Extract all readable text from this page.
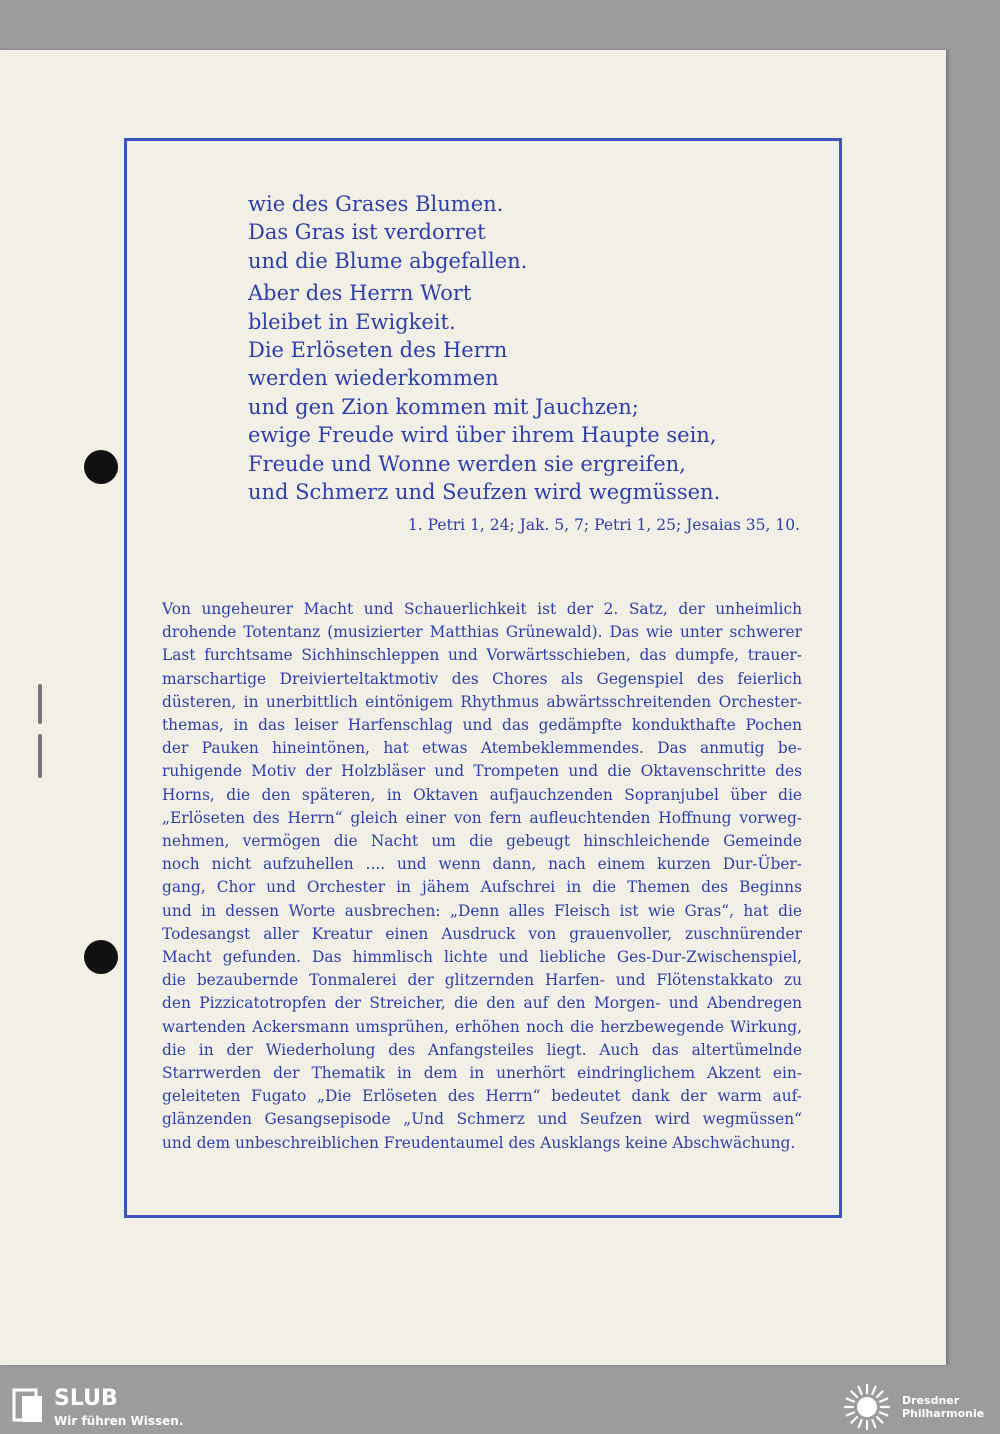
wie des Grases Blumen.
Das Gras ist verdorret
und die Blume abgefallen.
Aber des Herrn Wort
bleibet in Ewigkeit.
Die Erlöseten des Herrn
werden wiederkommen
und gen Zion kommen mit Jauchzen;
ewige Freude wird über ihrem Haupte sein,
Freude und Wonne werden sie ergreifen,
und Schmerz und Seufzen wird wegmüssen.
1. Petri 1, 24; Jak. 5, 7; Petri 1, 25; Jesaias 35, 10.
Von ungeheurer Macht und Schauerlichkeit ist der 2. Satz, der unheimlich
drohende Totentanz (musizierter Matthias Grünewald). Das wie unter schwerer
Last furchtsame Sichhinschleppen und Vorwärtsschieben, das dumpfe, trauer-
marschartige Dreivierteltaktmotiv des Chores als Gegenspiel des feierlich
düsteren, in unerbittlich eintönigem Rhythmus abwärtsschreitenden Orchester-
themas, in das leiser Harfenschlag und das gedämpfte kondukthafte Pochen
der Pauken hineintönen, hat etwas Atembeklemmendes. Das anmutig be-
ruhigende Motiv der Holzbläser und Trompeten und die Oktavenschritte des
Horns, die den späteren, in Oktaven aufjauchzenden Sopranjubel über die
„Erlöseten des Herrn“ gleich einer von fern aufleuchtenden Hoffnung vorweg-
nehmen, vermögen die Nacht um die gebeugt hinschleichende Gemeinde
noch nicht aufzuhellen .... und wenn dann, nach einem kurzen Dur-Über-
gang, Chor und Orchester in jähem Aufschrei in die Themen des Beginns
und in dessen Worte ausbrechen: „Denn alles Fleisch ist wie Gras“, hat die
Todesangst aller Kreatur einen Ausdruck von grauenvoller, zuschnürender
Macht gefunden. Das himmlisch lichte und liebliche Ges-Dur-Zwischenspiel,
die bezaubernde Tonmalerei der glitzernden Harfen- und Flötenstakkato zu
den Pizzicatotropfen der Streicher, die den auf den Morgen- und Abendregen
wartenden Ackersmann umsprühen, erhöhen noch die herzbewegende Wirkung,
die in der Wiederholung des Anfangsteiles liegt. Auch das altertümelnde
Starrwerden der Thematik in dem in unerhört eindringlichem Akzent ein-
geleiteten Fugato „Die Erlöseten des Herrn“ bedeutet dank der warm auf-
glänzenden Gesangsepisode „Und Schmerz und Seufzen wird wegmüssen“
und dem unbeschreiblichen Freudentaumel des Ausklangs keine Abschwächung.
SLUB
Wir führen Wissen.
Dresdner
Philharmonie
